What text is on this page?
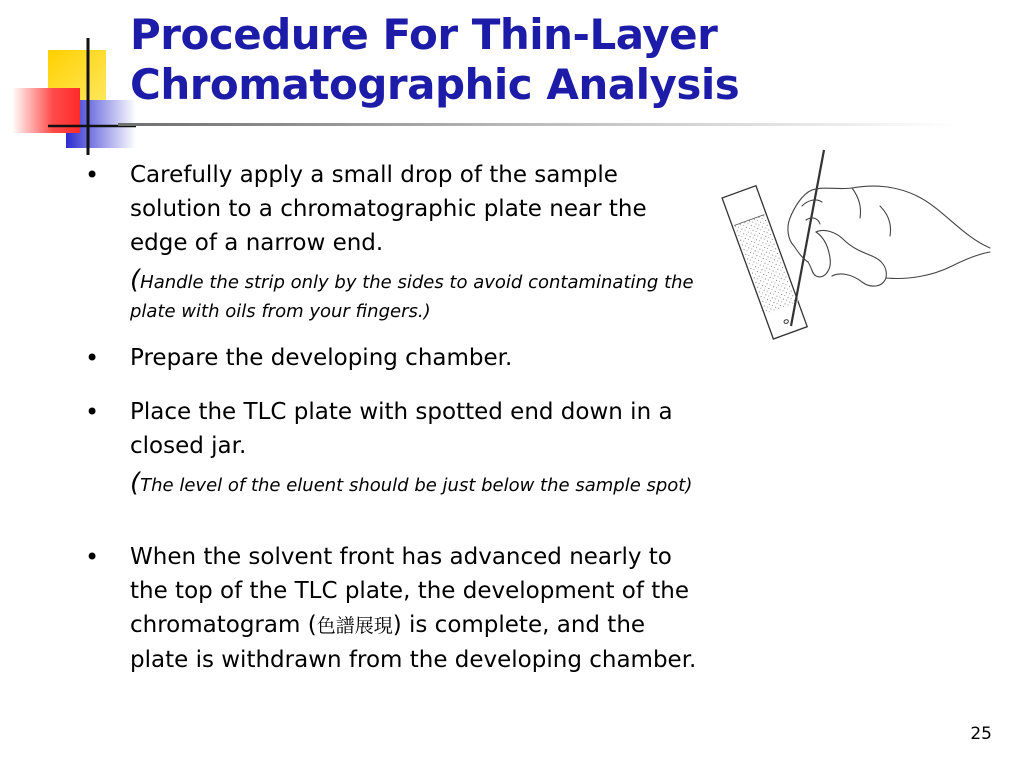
Procedure For Thin-Layer
Chromatographic Analysis
• Carefully apply a small drop of the sample solution to a chromatographic plate near the edge of a narrow end.
(Handle the strip only by the sides to avoid contaminating the plate with oils from your fingers.)
• Prepare the developing chamber.
• Place the TLC plate with spotted end down in a closed jar.
(The level of the eluent should be just below the sample spot)
• When the solvent front has advanced nearly to the top of the TLC plate, the development of the chromatogram (色譜展現) is complete, and the plate is withdrawn from the developing chamber.
25
